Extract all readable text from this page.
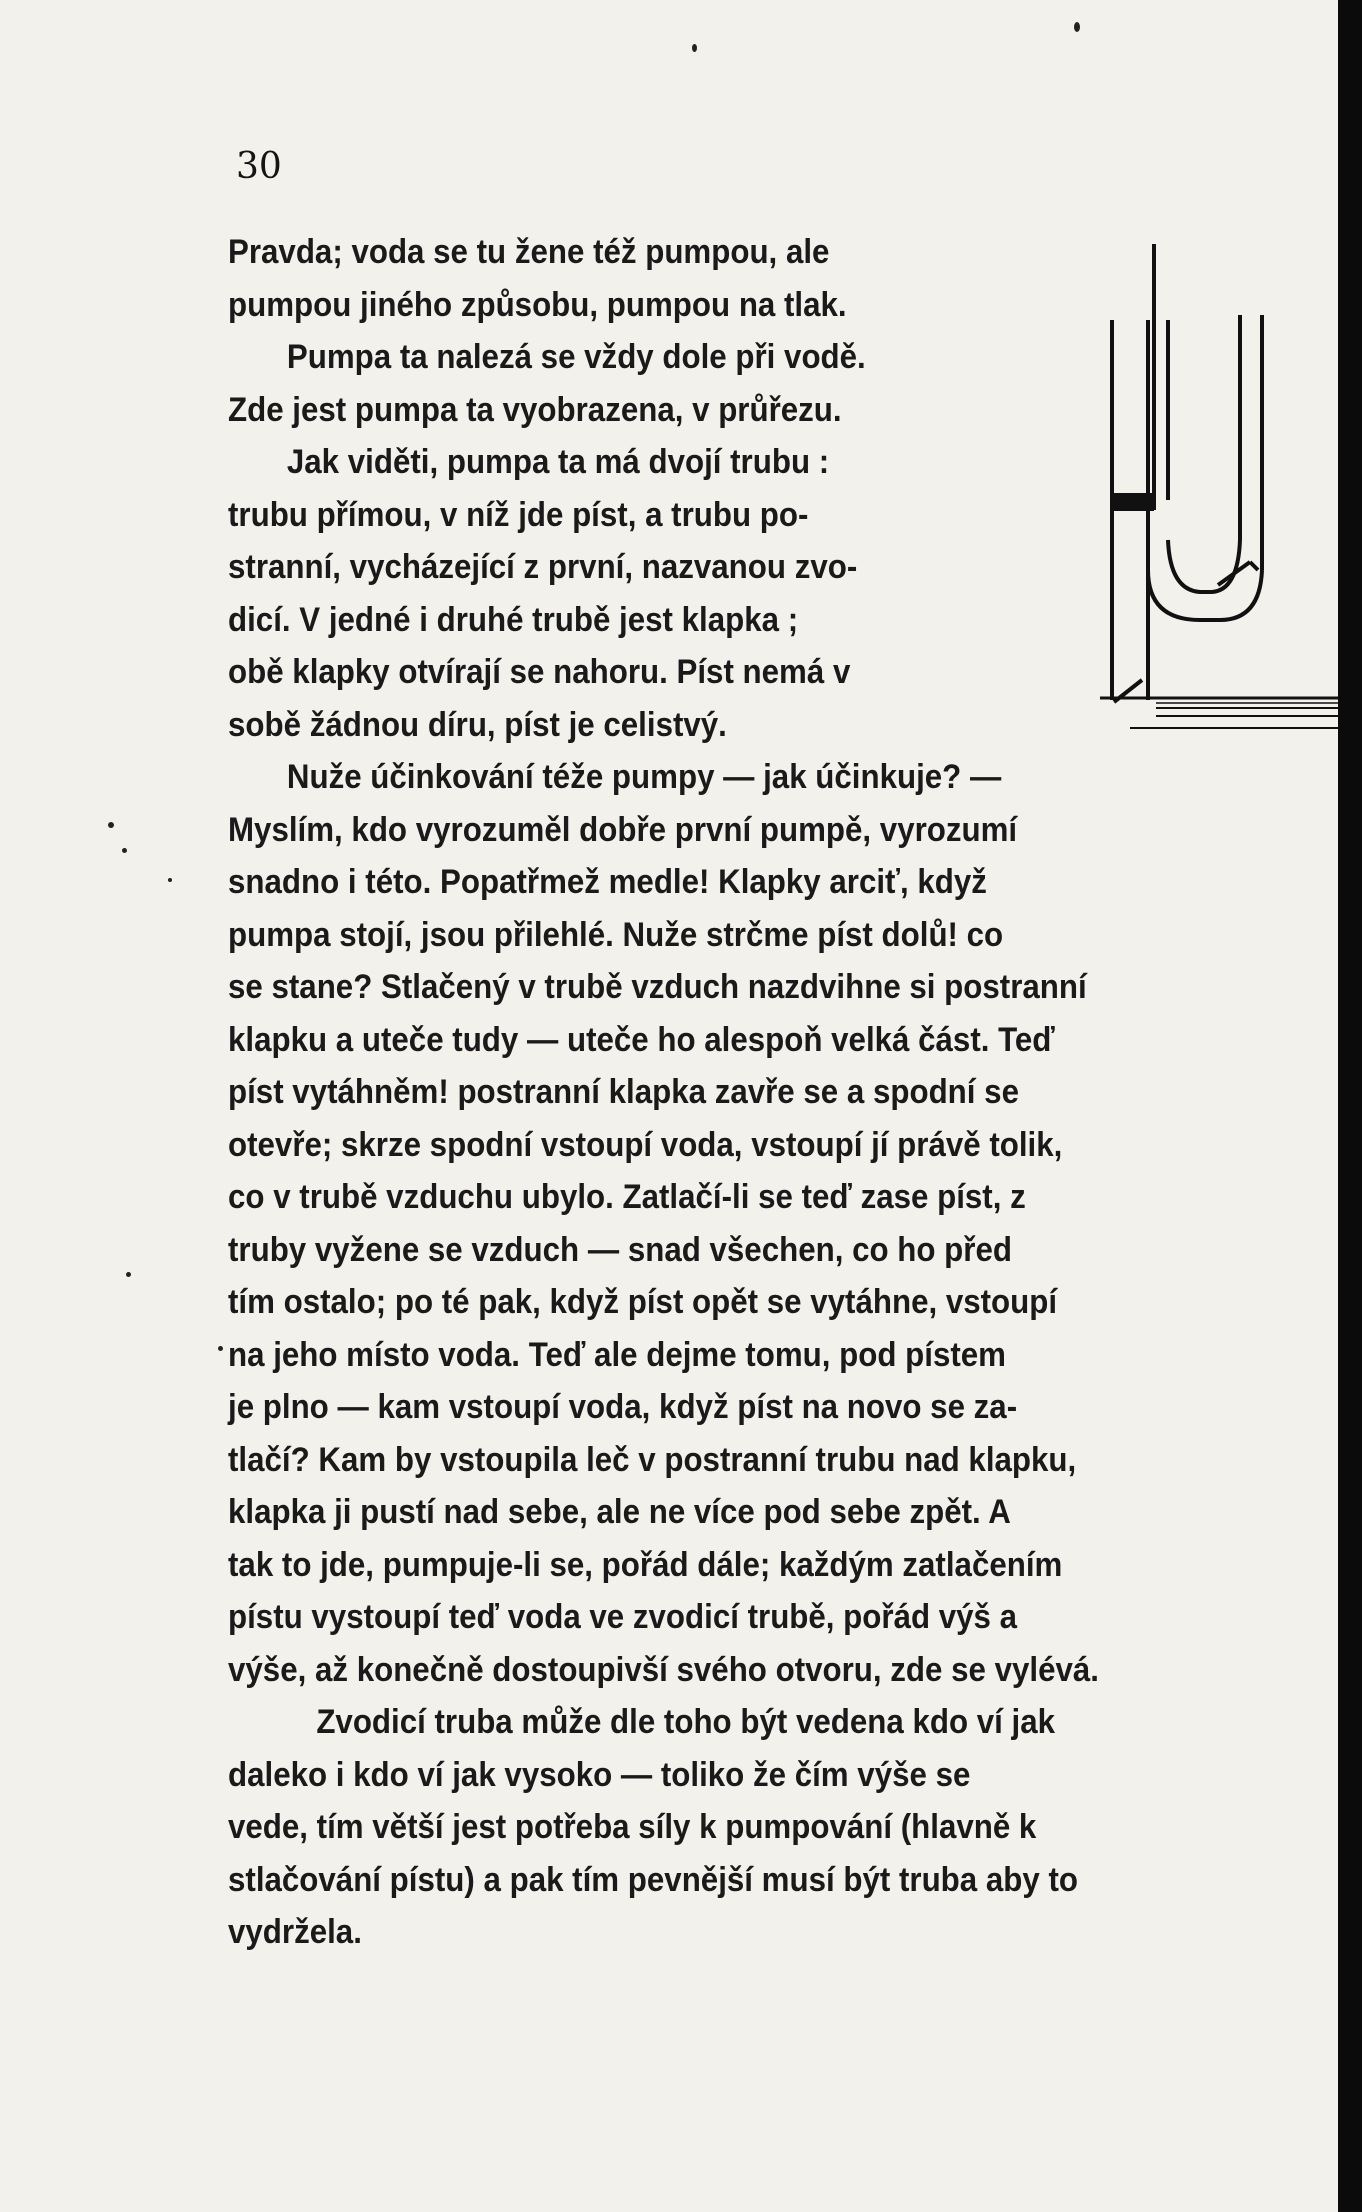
30
Pravda; voda se tu žene též pumpou, ale
pumpou jiného způsobu, pumpou na tlak.
Pumpa ta nalezá se vždy dole při vodě.
Zde jest pumpa ta vyobrazena, v průřezu.
Jak viděti, pumpa ta má dvojí trubu :
trubu přímou, v níž jde píst, a trubu po-
stranní, vycházející z první, nazvanou zvo-
dicí. V jedné i druhé trubě jest klapka ;
obě klapky otvírají se nahoru. Píst nemá v
sobě žádnou díru, píst je celistvý.
Nuže účinkování téže pumpy — jak účinkuje? —
Myslím, kdo vyrozuměl dobře první pumpě, vyrozumí
snadno i této. Popatřmež medle! Klapky arciť, když
pumpa stojí, jsou přilehlé. Nuže strčme píst dolů! co
se stane? Stlačený v trubě vzduch nazdvihne si postranní
klapku a uteče tudy — uteče ho alespoň velká část. Teď
píst vytáhněm! postranní klapka zavře se a spodní se
otevře; skrze spodní vstoupí voda, vstoupí jí právě tolik,
co v trubě vzduchu ubylo. Zatlačí-li se teď zase píst, z
truby vyžene se vzduch — snad všechen, co ho před
tím ostalo; po té pak, když píst opět se vytáhne, vstoupí
na jeho místo voda. Teď ale dejme tomu, pod pístem
je plno — kam vstoupí voda, když píst na novo se za-
tlačí? Kam by vstoupila leč v postranní trubu nad klapku,
klapka ji pustí nad sebe, ale ne více pod sebe zpět. A
tak to jde, pumpuje-li se, pořád dále; každým zatlačením
pístu vystoupí teď voda ve zvodicí trubě, pořád výš a
výše, až konečně dostoupivší svého otvoru, zde se vylévá.
Zvodicí truba může dle toho být vedena kdo ví jak
daleko i kdo ví jak vysoko — toliko že čím výše se
vede, tím větší jest potřeba síly k pumpování (hlavně k
stlačování pístu) a pak tím pevnější musí být truba aby to
vydržela.
